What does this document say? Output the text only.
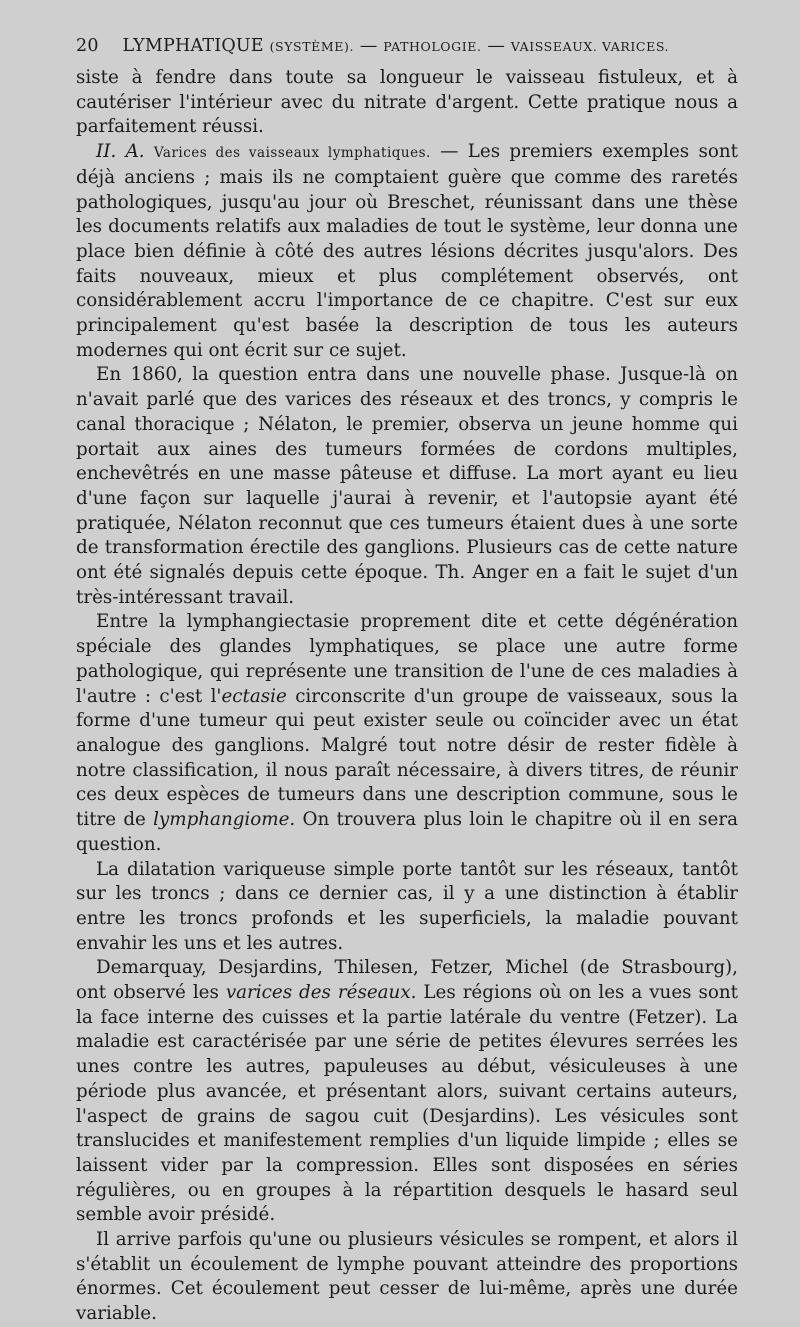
20 LYMPHATIQUE (SYSTÈME). — PATHOLOGIE. — VAISSEAUX. VARICES.

siste à fendre dans toute sa longueur le vaisseau fistuleux, et à cautériser l'intérieur avec du nitrate d'argent. Cette pratique nous a parfaitement réussi.

II. A. Varices des vaisseaux lymphatiques. — Les premiers exemples sont déjà anciens ; mais ils ne comptaient guère que comme des raretés pathologiques, jusqu'au jour où Breschet, réunissant dans une thèse les documents relatifs aux maladies de tout le système, leur donna une place bien définie à côté des autres lésions décrites jusqu'alors. Des faits nouveaux, mieux et plus complétement observés, ont considérablement accru l'importance de ce chapitre. C'est sur eux principalement qu'est basée la description de tous les auteurs modernes qui ont écrit sur ce sujet.

En 1860, la question entra dans une nouvelle phase. Jusque-là on n'avait parlé que des varices des réseaux et des troncs, y compris le canal thoracique ; Nélaton, le premier, observa un jeune homme qui portait aux aines des tumeurs formées de cordons multiples, enchevêtrés en une masse pâteuse et diffuse. La mort ayant eu lieu d'une façon sur laquelle j'aurai à revenir, et l'autopsie ayant été pratiquée, Nélaton reconnut que ces tumeurs étaient dues à une sorte de transformation érectile des ganglions. Plusieurs cas de cette nature ont été signalés depuis cette époque. Th. Anger en a fait le sujet d'un très-intéressant travail.

Entre la lymphangiectasie proprement dite et cette dégénération spéciale des glandes lymphatiques, se place une autre forme pathologique, qui représente une transition de l'une de ces maladies à l'autre : c'est l'ectasie circonscrite d'un groupe de vaisseaux, sous la forme d'une tumeur qui peut exister seule ou coïncider avec un état analogue des ganglions. Malgré tout notre désir de rester fidèle à notre classification, il nous paraît nécessaire, à divers titres, de réunir ces deux espèces de tumeurs dans une description commune, sous le titre de lymphangiome. On trouvera plus loin le chapitre où il en sera question.

La dilatation variqueuse simple porte tantôt sur les réseaux, tantôt sur les troncs ; dans ce dernier cas, il y a une distinction à établir entre les troncs profonds et les superficiels, la maladie pouvant envahir les uns et les autres.

Demarquay, Desjardins, Thilesen, Fetzer, Michel (de Strasbourg), ont observé les varices des réseaux. Les régions où on les a vues sont la face interne des cuisses et la partie latérale du ventre (Fetzer). La maladie est caractérisée par une série de petites élevures serrées les unes contre les autres, papuleuses au début, vésiculeuses à une période plus avancée, et présentant alors, suivant certains auteurs, l'aspect de grains de sagou cuit (Desjardins). Les vésicules sont translucides et manifestement remplies d'un liquide limpide ; elles se laissent vider par la compression. Elles sont disposées en séries régulières, ou en groupes à la répartition desquels le hasard seul semble avoir présidé.

Il arrive parfois qu'une ou plusieurs vésicules se rompent, et alors il s'établit un écoulement de lymphe pouvant atteindre des proportions énormes. Cet écoulement peut cesser de lui-même, après une durée variable.
